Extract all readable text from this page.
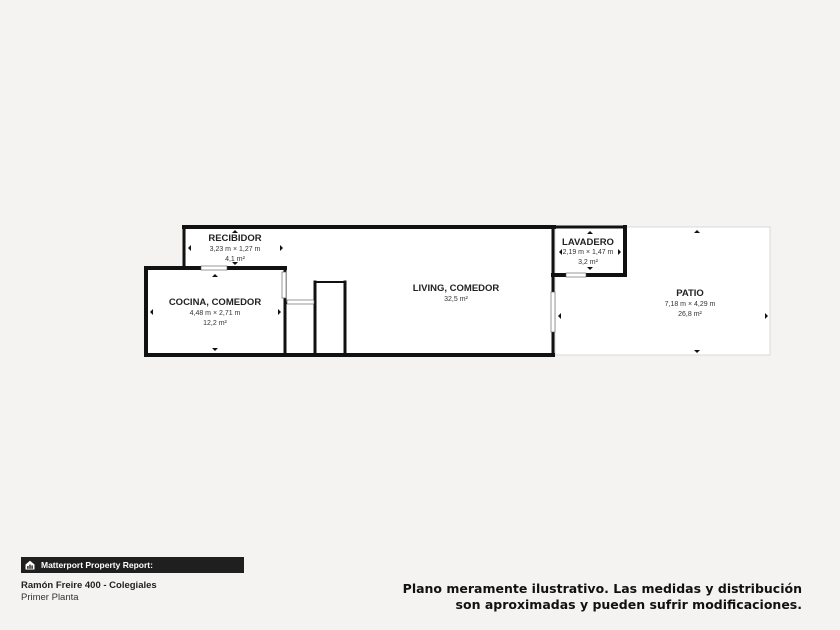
RECIBIDOR
3,23 m × 1,27 m
4,1 m²
COCINA, COMEDOR
4,48 m × 2,71 m
12,2 m²
LIVING, COMEDOR
32,5 m²
LAVADERO
2,19 m × 1,47 m
3,2 m²
PATIO
7,18 m × 4,29 m
26,8 m²
Matterport Property Report:
Ramón Freire 400 - Colegiales
Primer Planta
Plano meramente ilustrativo. Las medidas y distribución
son aproximadas y pueden sufrir modificaciones.
